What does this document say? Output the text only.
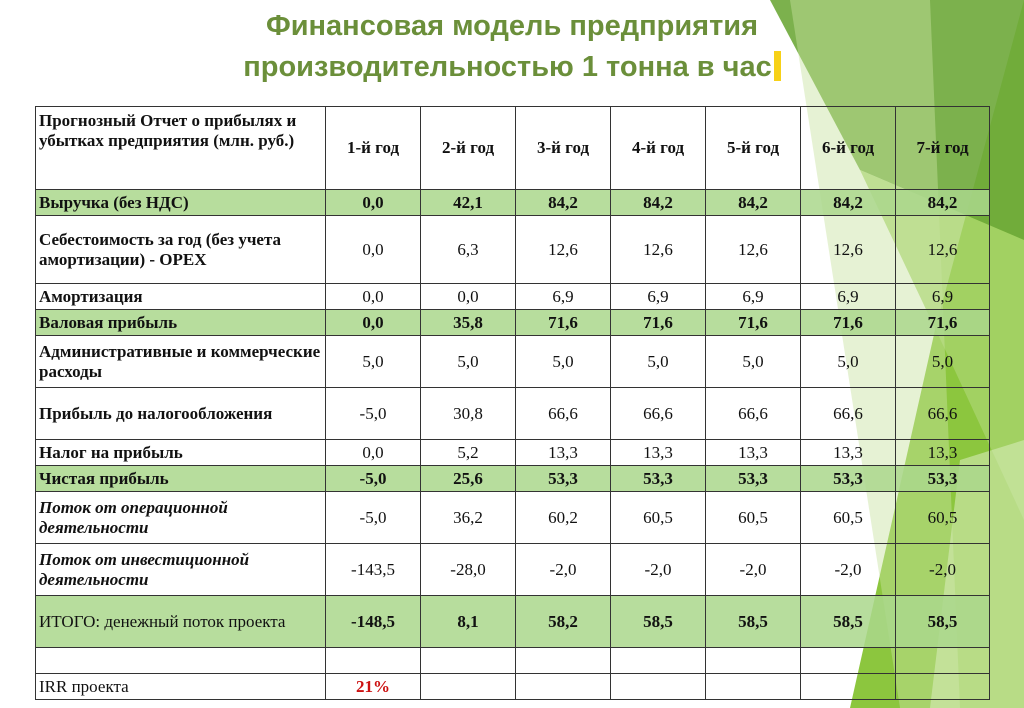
Финансовая модель предприятия
производительностью 1 тонна в час
Прогнозный Отчет о прибылях и убытках предприятия (млн. руб.)	1-й год	2-й год	3-й год	4-й год	5-й год	6-й год	7-й год
Выручка (без НДС)	0,0	42,1	84,2	84,2	84,2	84,2	84,2
Себестоимость за год (без учета амортизации) - OPEX	0,0	6,3	12,6	12,6	12,6	12,6	12,6
Амортизация	0,0	0,0	6,9	6,9	6,9	6,9	6,9
Валовая прибыль	0,0	35,8	71,6	71,6	71,6	71,6	71,6
Административные и коммерческие расходы	5,0	5,0	5,0	5,0	5,0	5,0	5,0
Прибыль до налогообложения	-5,0	30,8	66,6	66,6	66,6	66,6	66,6
Налог на прибыль	0,0	5,2	13,3	13,3	13,3	13,3	13,3
Чистая прибыль	-5,0	25,6	53,3	53,3	53,3	53,3	53,3
Поток от операционной деятельности	-5,0	36,2	60,2	60,5	60,5	60,5	60,5
Поток от инвестиционной деятельности	-143,5	-28,0	-2,0	-2,0	-2,0	-2,0	-2,0
ИТОГО: денежный поток проекта	-148,5	8,1	58,2	58,5	58,5	58,5	58,5

IRR проекта	21%						
